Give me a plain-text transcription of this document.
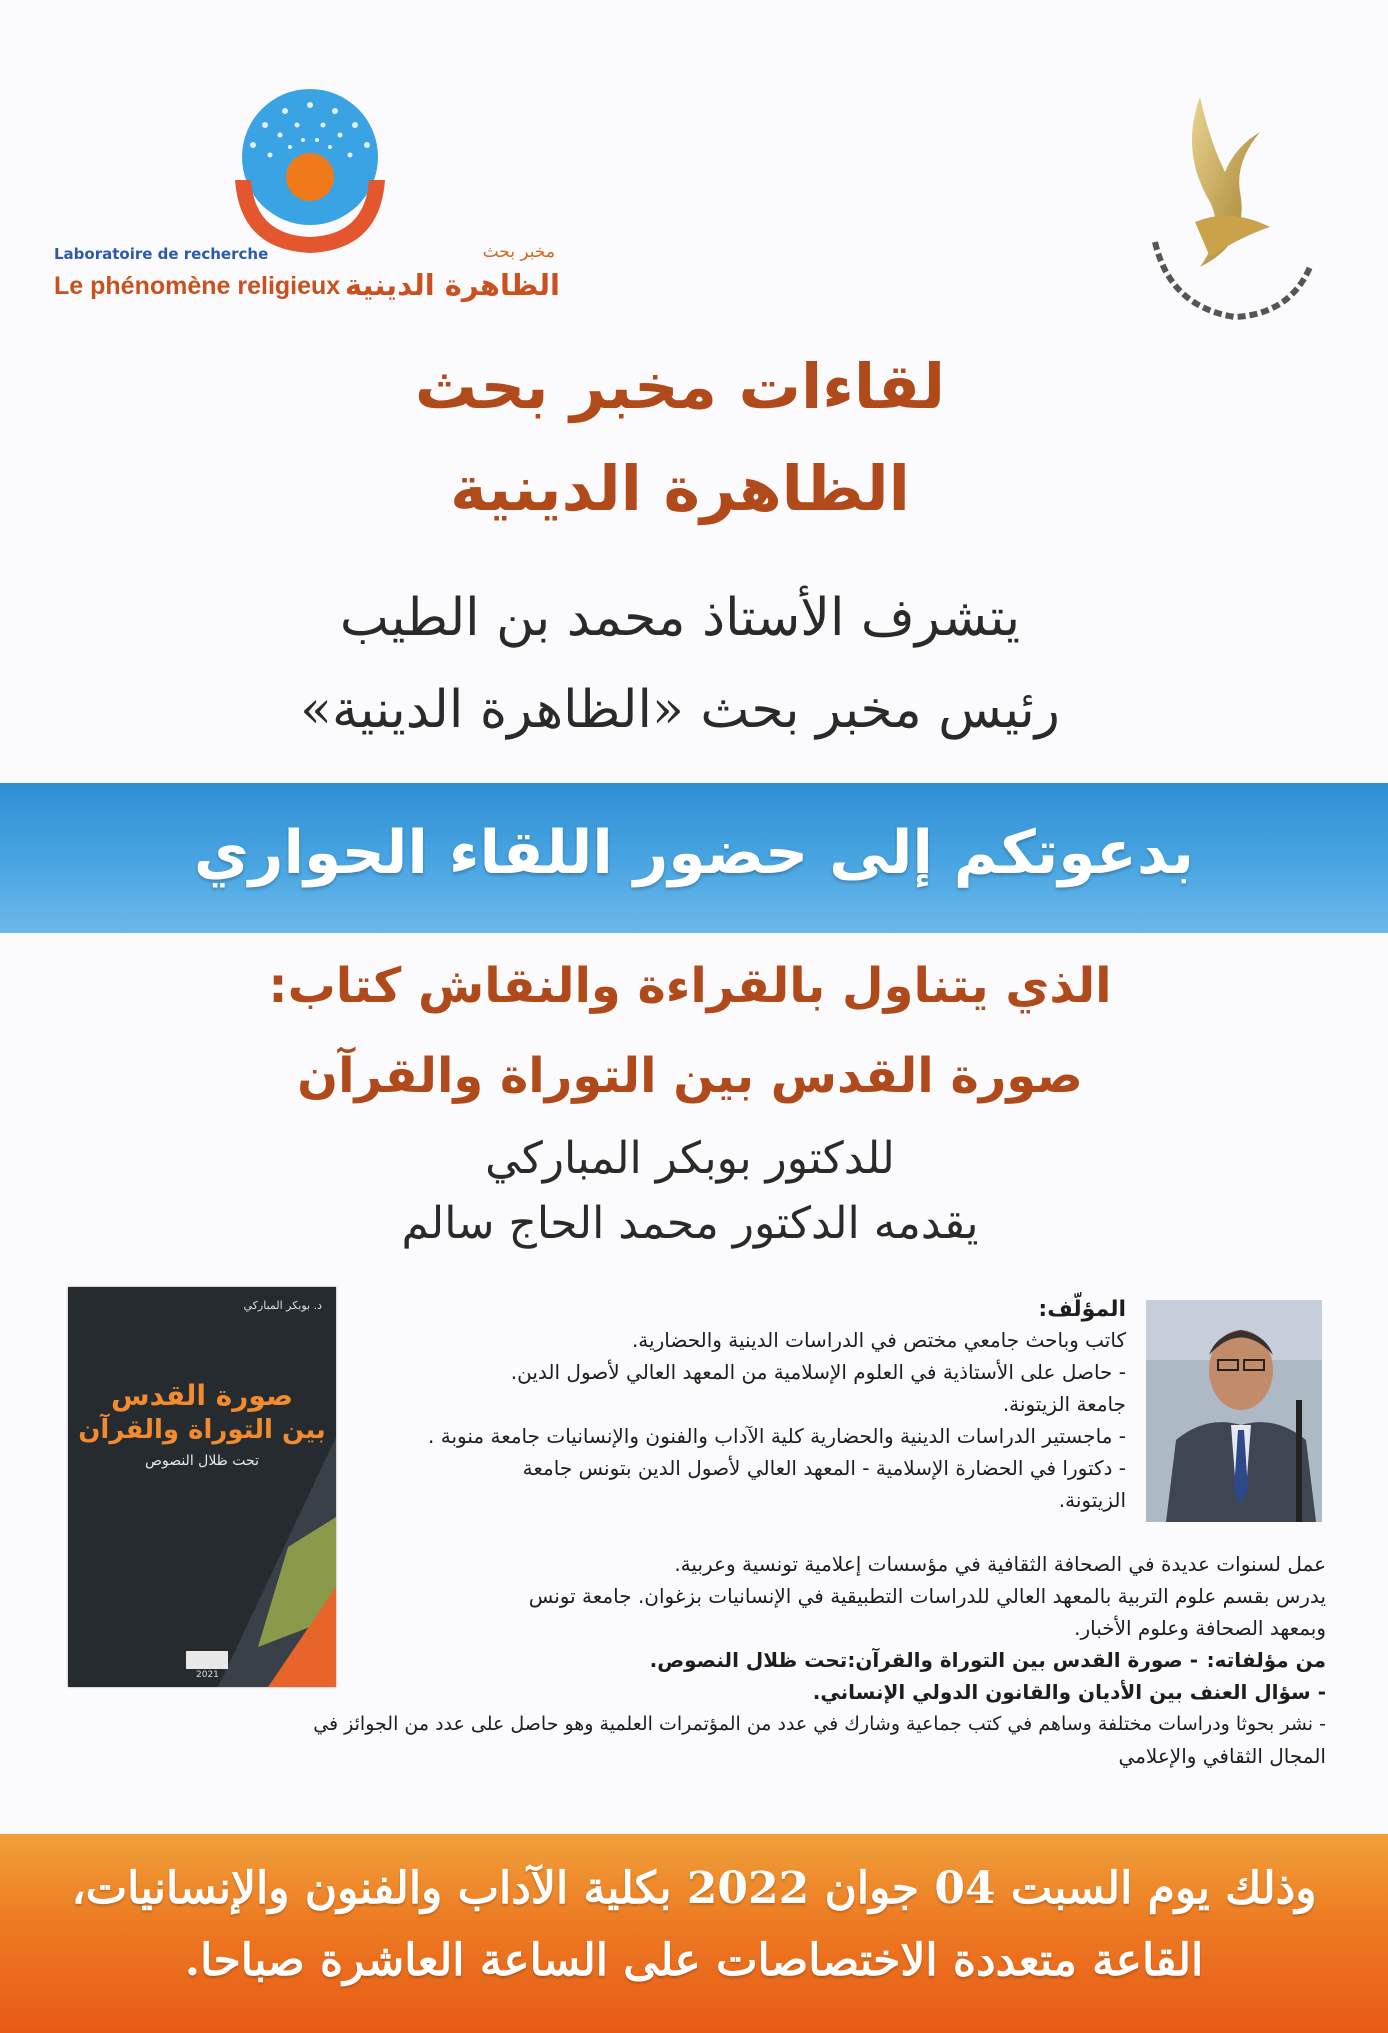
مخبر بحث
Laboratoire de recherche
Le phénomène religieux الظاهرة الدينية
لقاءات مخبر بحث
الظاهرة الدينية
يتشرف الأستاذ محمد بن الطيب
رئيس مخبر بحث «الظاهرة الدينية»
بدعوتكم إلى حضور اللقاء الحواري
الذي يتناول بالقراءة والنقاش كتاب:
صورة القدس بين التوراة والقرآن
للدكتور بوبكر المباركي
يقدمه الدكتور محمد الحاج سالم
د. بوبكر المباركي
صورة القدس
بين التوراة والقرآن
تحت ظلال النصوص
2021
المؤلّف:
كاتب وباحث جامعي مختص في الدراسات الدينية والحضارية.
- حاصل على الأستاذية في العلوم الإسلامية من المعهد العالي لأصول الدين.
جامعة الزيتونة.
- ماجستير الدراسات الدينية والحضارية كلية الآداب والفنون والإنسانيات جامعة منوبة .
- دكتورا في الحضارة الإسلامية - المعهد العالي لأصول الدين بتونس جامعة
الزيتونة.
عمل لسنوات عديدة في الصحافة الثقافية في مؤسسات إعلامية تونسية وعربية.
يدرس بقسم علوم التربية بالمعهد العالي للدراسات التطبيقية في الإنسانيات بزغوان. جامعة تونس
وبمعهد الصحافة وعلوم الأخبار.
من مؤلفاته:
- صورة القدس بين التوراة والقرآن:تحت ظلال النصوص.
- سؤال العنف بين الأديان والقانون الدولي الإنساني.
- نشر بحوثا ودراسات مختلفة وساهم في كتب جماعية وشارك في عدد من المؤتمرات العلمية وهو حاصل على عدد من الجوائز في
المجال الثقافي والإعلامي
وذلك يوم السبت 04 جوان 2022 بكلية الآداب والفنون والإنسانيات،
القاعة متعددة الاختصاصات على الساعة العاشرة صباحا.
